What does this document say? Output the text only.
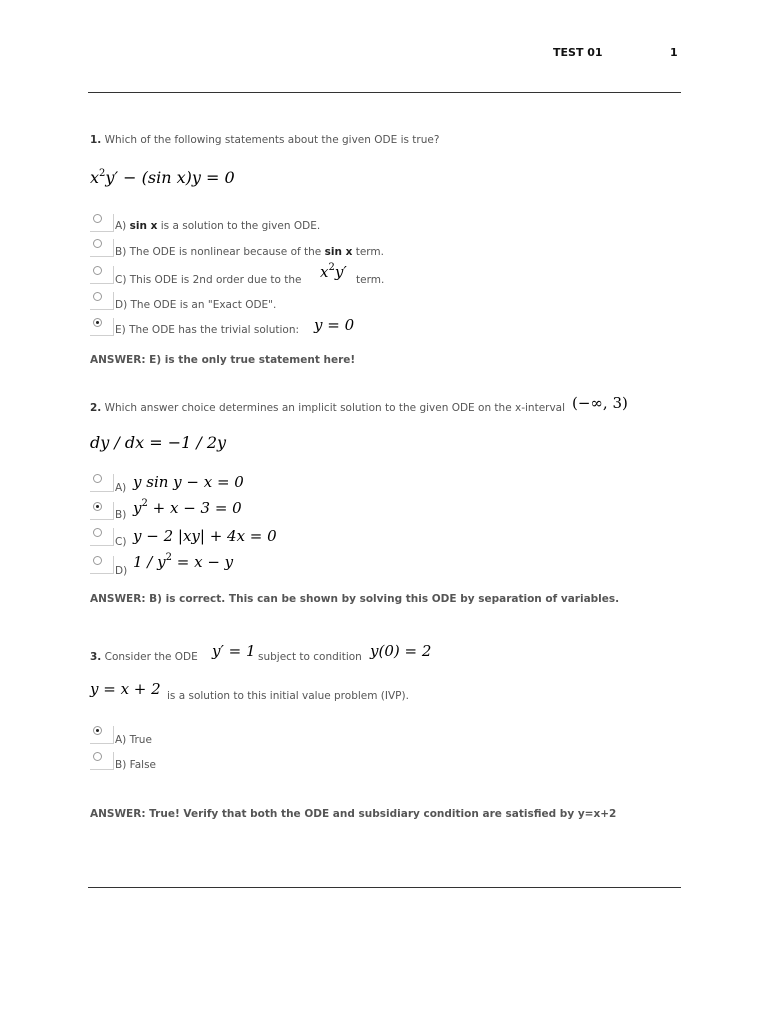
TEST 01	1
1. Which of the following statements about the given ODE is true?
$x^2y' - (\sin$ x)y = 0
A) sin x is a solution to the given ODE.
B) The ODE is nonlinear because of the sin x term.
C) This ODE is 2nd order due to the $x^2y'$ term.
D) The ODE is an "Exact ODE".
E) The ODE has the trivial solution: y = 0
ANSWER: E) is the only true statement here!
2. Which answer choice determines an implicit solution to the given ODE on the x-interval (−∞, 3)
dy / dx = −1 / 2y
A) y sin y − x = 0
B) $y^2 + x - 3 = 0$
C) y − 2 |xy| + 4x = 0
D) $1 / y^2 = x - y$
ANSWER: B) is correct. This can be shown by solving this ODE by separation of variables.
3. Consider the ODE y′ = 1 subject to condition y(0) = 2
y = x + 2 is a solution to this initial value problem (IVP).
A) True
B) False
ANSWER: True! Verify that both the ODE and subsidiary condition are satisfied by y=x+2
